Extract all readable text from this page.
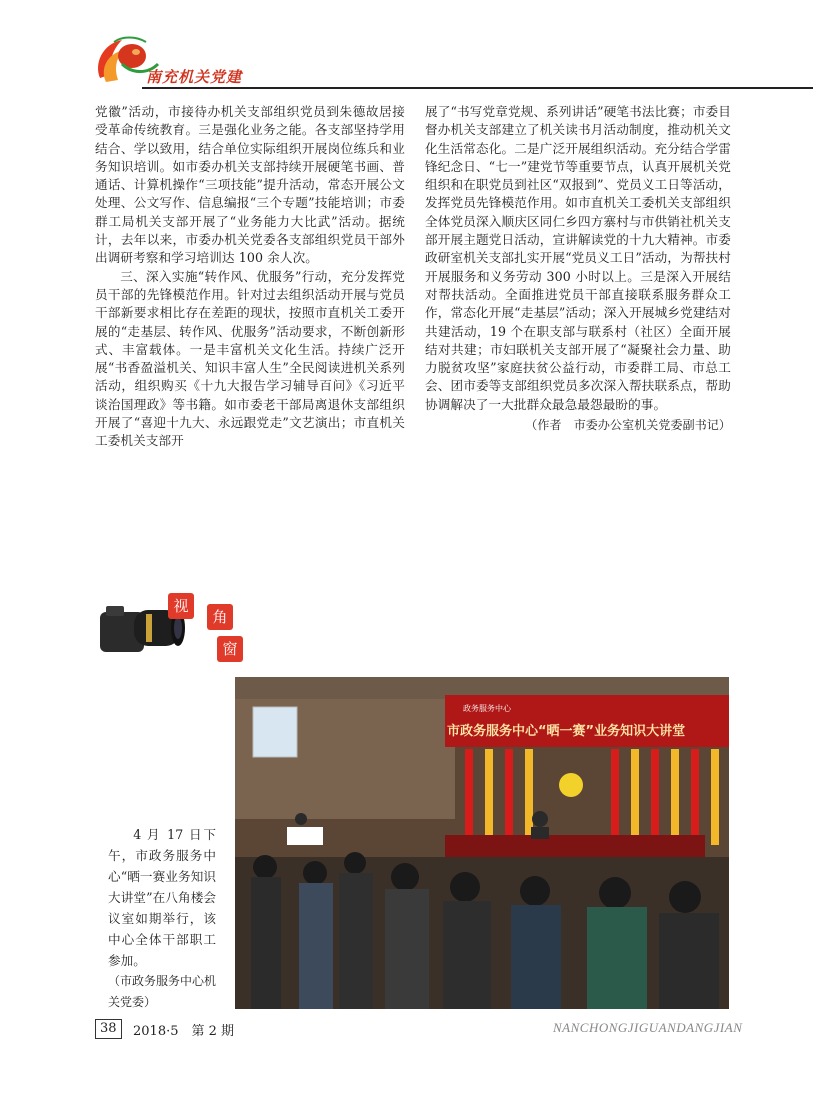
南充机关党建

党徽”活动，市接待办机关支部组织党员到朱德故居接受革命传统教育。三是强化业务之能。各支部坚持学用结合、学以致用，结合单位实际组织开展岗位练兵和业务知识培训。如市委办机关支部持续开展硬笔书画、普通话、计算机操作“三项技能”提升活动，常态开展公文处理、公文写作、信息编报“三个专题”技能培训；市委群工局机关支部开展了“业务能力大比武”活动。据统计，去年以来，市委办机关党委各支部组织党员干部外出调研考察和学习培训达 100 余人次。

三、深入实施“转作风、优服务”行动，充分发挥党员干部的先锋模范作用。针对过去组织活动开展与党员干部新要求相比存在差距的现状，按照市直机关工委开展的“走基层、转作风、优服务”活动要求，不断创新形式、丰富载体。一是丰富机关文化生活。持续广泛开展“书香盈溢机关、知识丰富人生”全民阅读进机关系列活动，组织购买《十九大报告学习辅导百问》《习近平谈治国理政》等书籍。如市委老干部局离退休支部组织开展了“喜迎十九大、永远跟党走”文艺演出；市直机关工委机关支部开

展了“书写党章党规、系列讲话”硬笔书法比赛；市委目督办机关支部建立了机关读书月活动制度，推动机关文化生活常态化。二是广泛开展组织活动。充分结合学雷锋纪念日、“七一”建党节等重要节点，认真开展机关党组织和在职党员到社区“双报到”、党员义工日等活动，发挥党员先锋模范作用。如市直机关工委机关支部组织全体党员深入顺庆区同仁乡四方寨村与市供销社机关支部开展主题党日活动，宣讲解读党的十九大精神。市委政研室机关支部扎实开展“党员义工日”活动，为帮扶村开展服务和义务劳动 300 小时以上。三是深入开展结对帮扶活动。全面推进党员干部直接联系服务群众工作，常态化开展“走基层”活动；深入开展城乡党建结对共建活动，19 个在职支部与联系村（社区）全面开展结对共建；市妇联机关支部开展了“凝聚社会力量、助力脱贫攻坚”家庭扶贫公益行动，市委群工局、市总工会、团市委等支部组织党员多次深入帮扶联系点，帮助协调解决了一大批群众最急最怨最盼的事。

（作者　市委办公室机关党委副书记）

视
角
窗
政务服务中心
市政务服务中心“晒一赛”业务知识大讲堂

4 月 17 日下午，市政务服务中心“晒一赛业务知识大讲堂”在八角楼会议室如期举行，该中心全体干部职工参加。

（市政务服务中心机关党委）

38	2018·5　第 2 期	NANCHONGJIGUANDANGJIAN
